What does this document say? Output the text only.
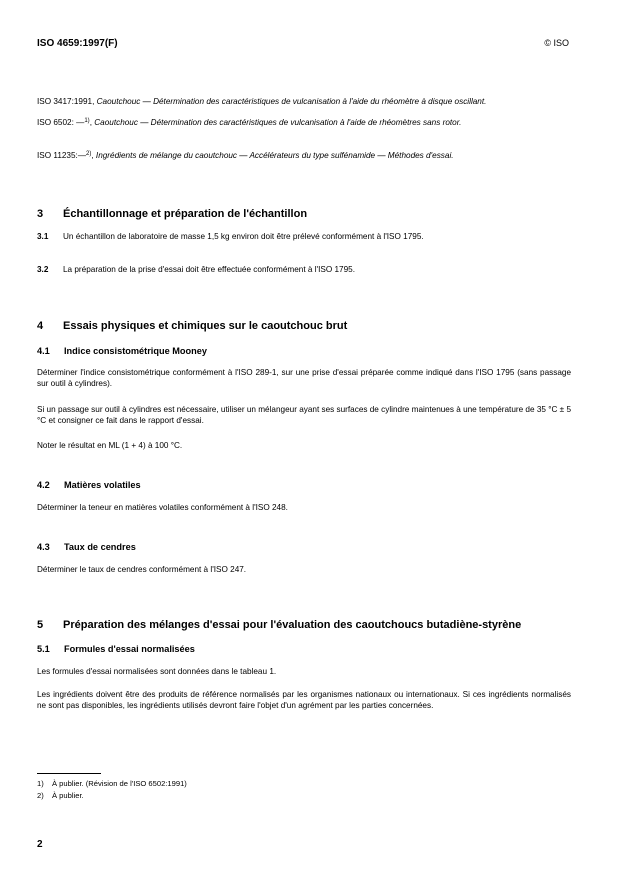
ISO 4659:1997(F)	© ISO
ISO 3417:1991, Caoutchouc — Détermination des caractéristiques de vulcanisation à l'aide du rhéomètre à disque oscillant.
ISO 6502: —$^{1)}$, Caoutchouc — Détermination des caractéristiques de vulcanisation à l'aide de rhéomètres sans rotor.
ISO 11235:—$^{2)}$, Ingrédients de mélange du caoutchouc — Accélérateurs du type sulfénamide — Méthodes d'essai.
3 Échantillonnage et préparation de l'échantillon
3.1 Un échantillon de laboratoire de masse 1,5 kg environ doit être prélevé conformément à l'ISO 1795.
3.2 La préparation de la prise d'essai doit être effectuée conformément à l'ISO 1795.
4 Essais physiques et chimiques sur le caoutchouc brut
4.1 Indice consistométrique Mooney
Déterminer l'indice consistométrique conformément à l'ISO 289-1, sur une prise d'essai préparée comme indiqué dans l'ISO 1795 (sans passage sur outil à cylindres).
Si un passage sur outil à cylindres est nécessaire, utiliser un mélangeur ayant ses surfaces de cylindre maintenues à une température de 35 °C ± 5 °C et consigner ce fait dans le rapport d'essai.
Noter le résultat en ML (1 + 4) à 100 °C.
4.2 Matières volatiles
Déterminer la teneur en matières volatiles conformément à l'ISO 248.
4.3 Taux de cendres
Déterminer le taux de cendres conformément à l'ISO 247.
5 Préparation des mélanges d'essai pour l'évaluation des caoutchoucs butadiène-styrène
5.1 Formules d'essai normalisées
Les formules d'essai normalisées sont données dans le tableau 1.
Les ingrédients doivent être des produits de référence normalisés par les organismes nationaux ou internationaux. Si ces ingrédients normalisés ne sont pas disponibles, les ingrédients utilisés devront faire l'objet d'un agrément par les parties concernées.
1) À publier. (Révision de l'ISO 6502:1991)
2) À publier.
2
